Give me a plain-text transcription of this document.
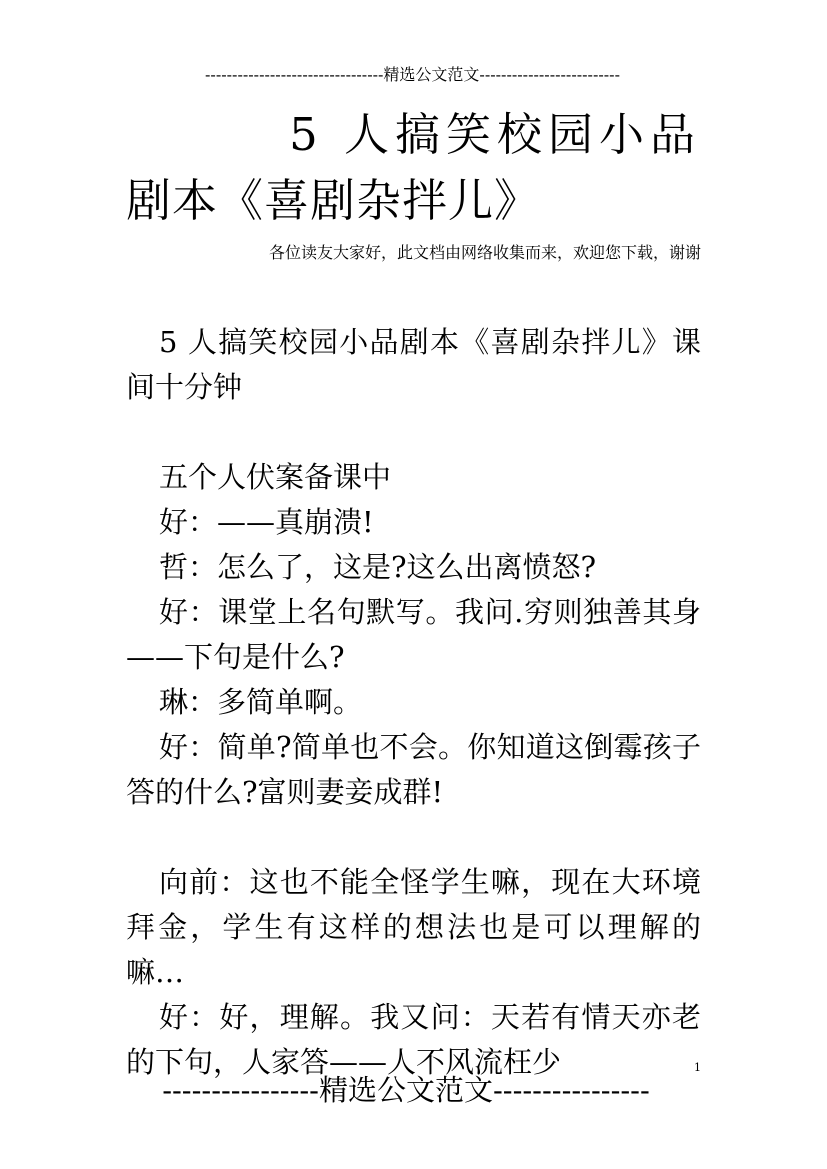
---------------------------------精选公文范文--------------------------
5 人搞笑校园小品
剧本《喜剧杂拌儿》
各位读友大家好，此文档由网络收集而来，欢迎您下载，谢谢

5 人搞笑校园小品剧本《喜剧杂拌儿》课间十分钟

五个人伏案备课中

好：——真崩溃!

哲：怎么了，这是?这么出离愤怒?

好：课堂上名句默写。我问.穷则独善其身——下句是什么?

琳：多简单啊。

好：简单?简单也不会。你知道这倒霉孩子答的什么?富则妻妾成群!

向前：这也不能全怪学生嘛，现在大环境拜金，学生有这样的想法也是可以理解的嘛…

好：好，理解。我又问：天若有情天亦老的下句，人家答——人不风流枉少	1
----------------精选公文范文----------------
